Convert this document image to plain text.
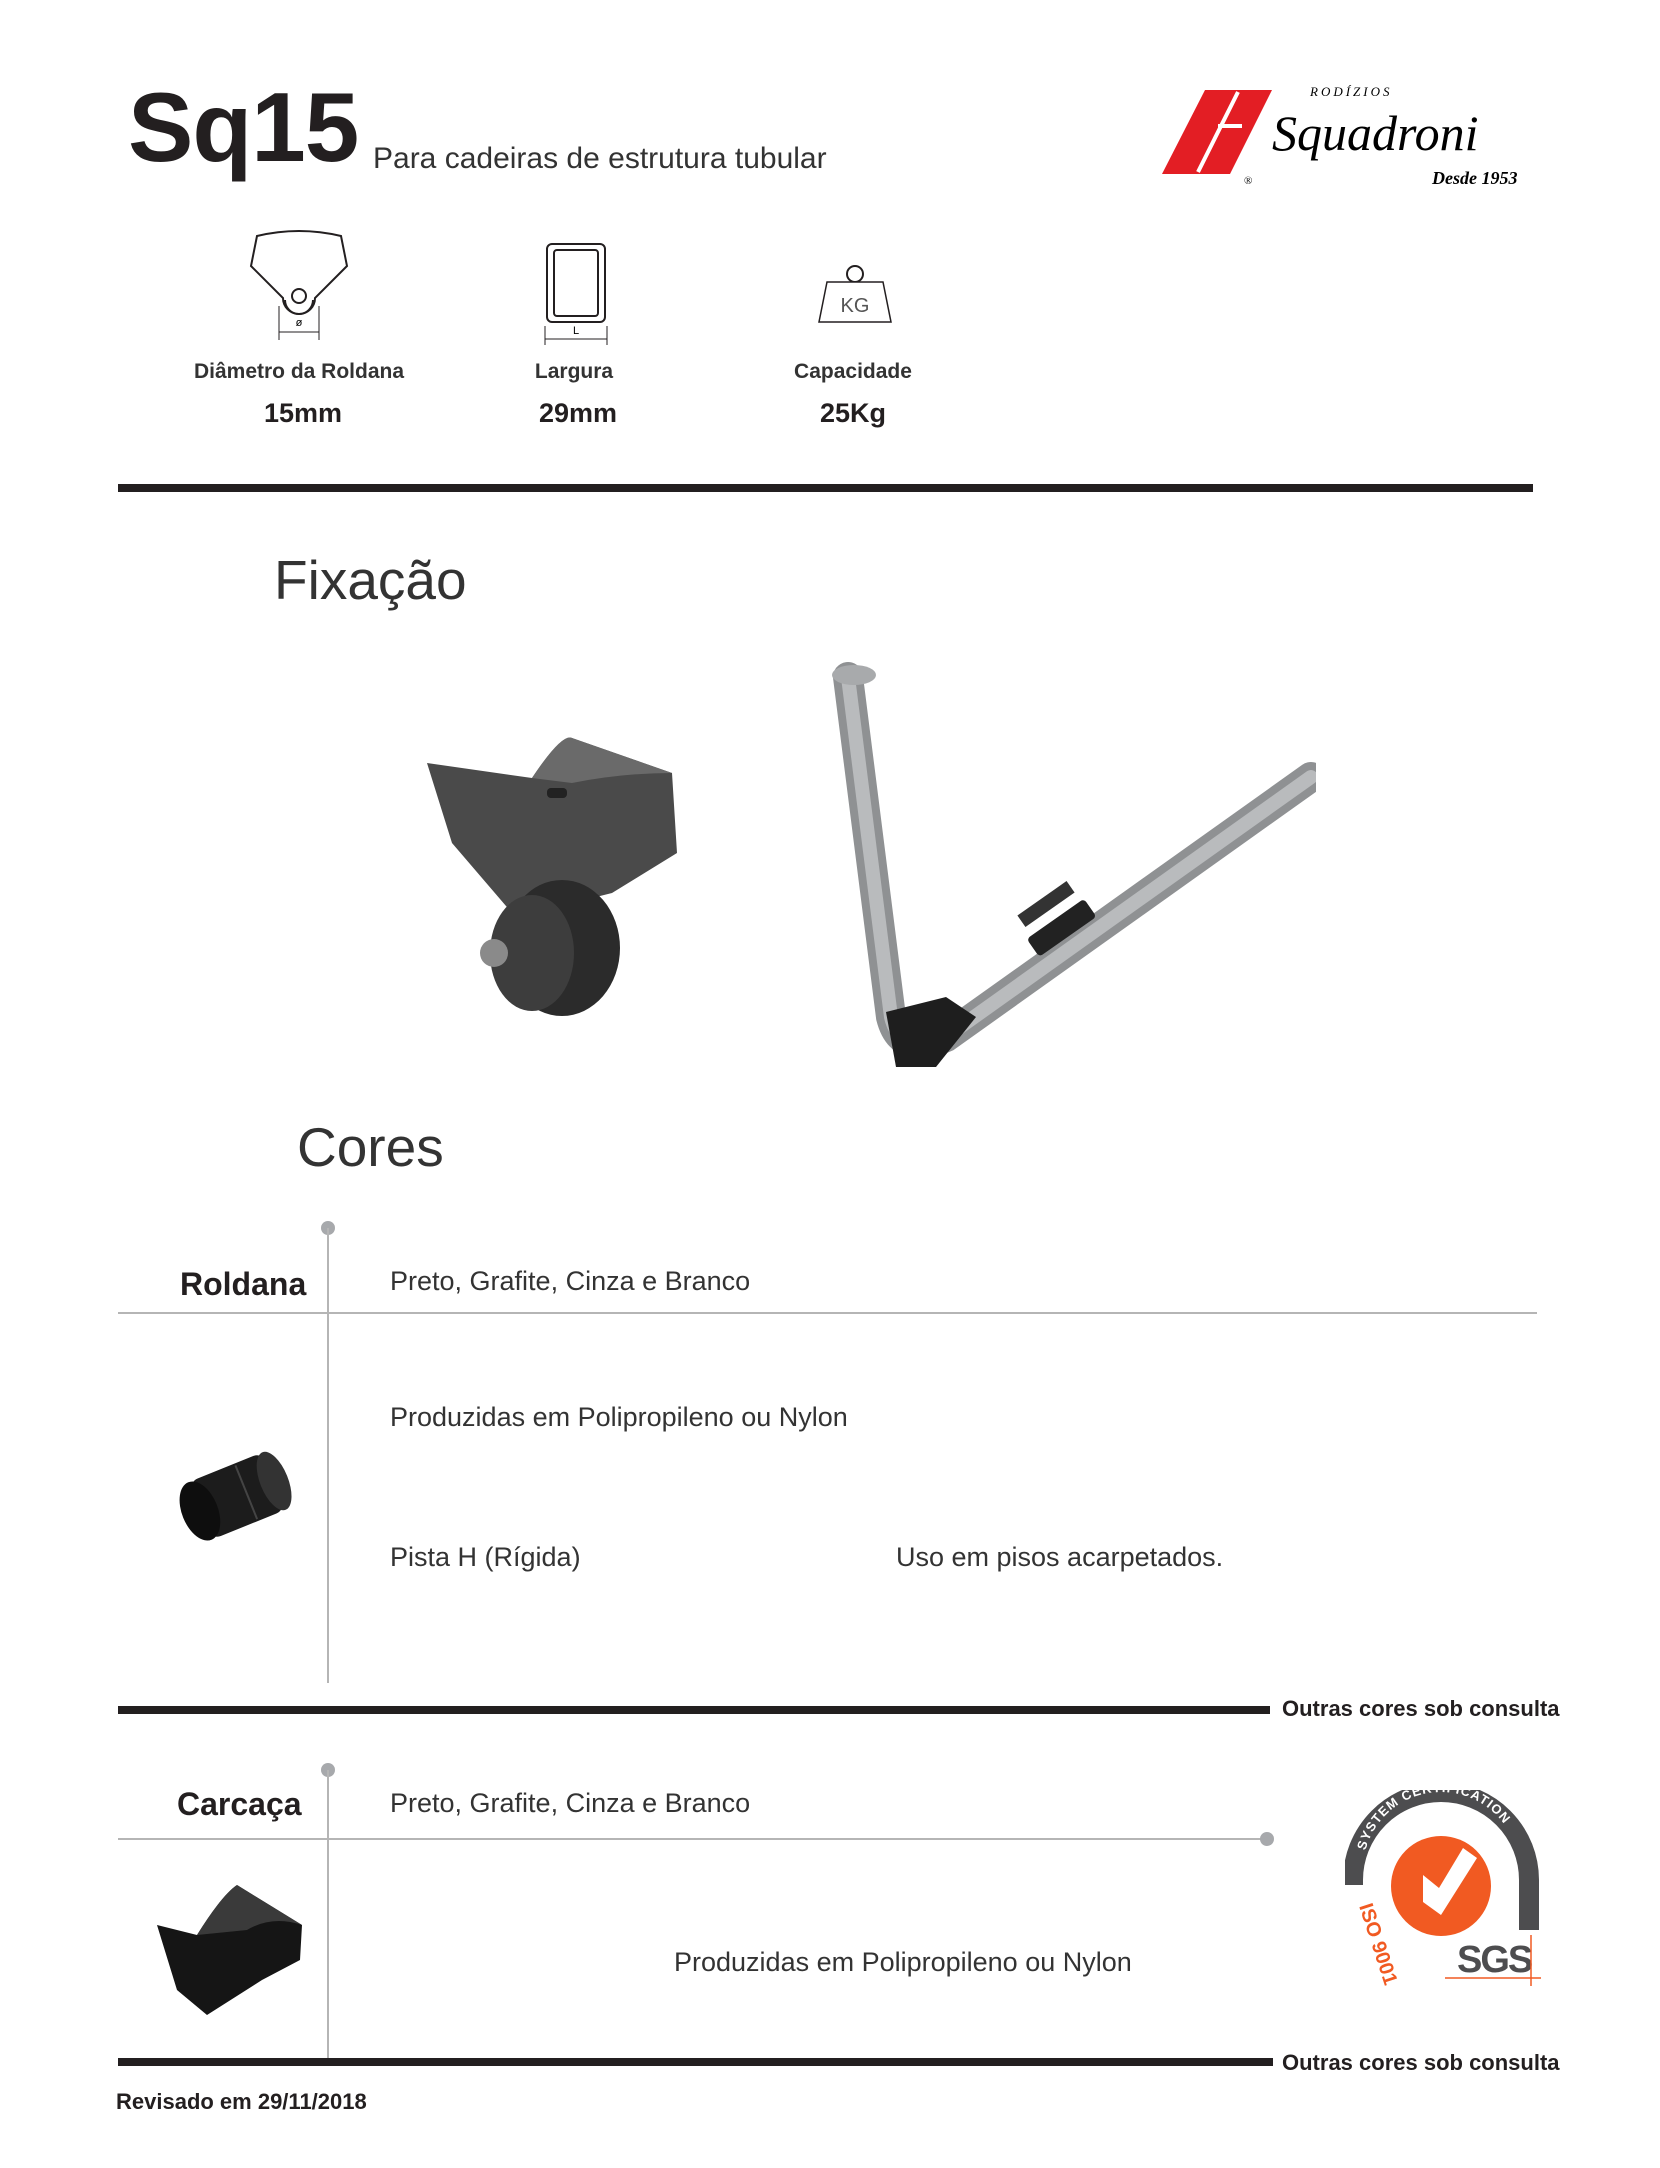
Sq15 Para cadeiras de estrutura tubular
®
RODÍZIOS
Squadroni
Desde 1953
ø
L
KG
Diâmetro da Roldana
15mm
Largura
29mm
Capacidade
25Kg
Fixação
Cores
Roldana	Preto, Grafite, Cinza e Branco
Produzidas em Polipropileno ou Nylon
Pista H (Rígida)	Uso em pisos acarpetados.
Outras cores sob consulta
Carcaça	Preto, Grafite, Cinza e Branco
Produzidas em Polipropileno ou Nylon
Outras cores sob consulta
SYSTEM CE CATION
ISO 9001 SGS
Revisado em 29/11/2018
